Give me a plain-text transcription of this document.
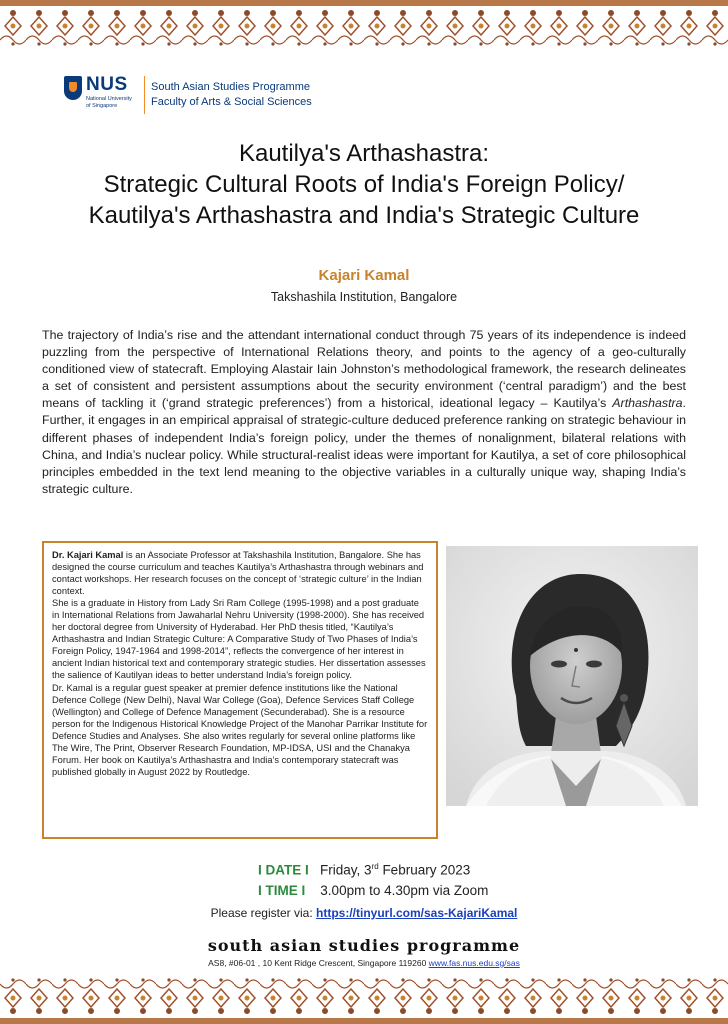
NUS
National University of Singapore
South Asian Studies Programme
Faculty of Arts & Social Sciences
Kautilya's Arthashastra:
Strategic Cultural Roots of India's Foreign Policy/
Kautilya's Arthashastra and India's Strategic Culture
Kajari Kamal
Takshashila Institution, Bangalore
The trajectory of India’s rise and the attendant international conduct through 75 years of its independence is indeed puzzling from the perspective of International Relations theory, and points to the agency of a geo-culturally conditioned view of statecraft. Employing Alastair Iain Johnston’s methodological framework, the research delineates a set of consistent and persistent assumptions about the security environment (‘central paradigm’) and the best means of tackling it (‘grand strategic preferences’) from a historical, ideational legacy – Kautilya’s Arthashastra. Further, it engages in an empirical appraisal of strategic-culture deduced preference ranking on strategic behaviour in different phases of independent India’s foreign policy, under the themes of nonalignment, bilateral relations with China, and India’s nuclear policy. While structural-realist ideas were important for Kautilya, a set of core philosophical principles embedded in the text lend meaning to the objective variables in a culturally unique way, shaping India’s strategic culture.
Dr. Kajari Kamal is an Associate Professor at Takshashila Institution, Bangalore. She has designed the course curriculum and teaches Kautilya’s Arthashastra through webinars and contact workshops. Her research focuses on the concept of ‘strategic culture’ in the Indian context.
She is a graduate in History from Lady Sri Ram College (1995-1998) and a post graduate in International Relations from Jawaharlal Nehru University (1998-2000). She has received her doctoral degree from University of Hyderabad. Her PhD thesis titled, “Kautilya’s Arthashastra and Indian Strategic Culture: A Comparative Study of Two Phases of India’s Foreign Policy, 1947-1964 and 1998-2014”, reflects the convergence of her interest in ancient Indian historical text and contemporary strategic studies. Her dissertation assesses the salience of Kautilyan ideas to better understand India’s foreign policy.
Dr. Kamal is a regular guest speaker at premier defence institutions like the National Defence College (New Delhi), Naval War College (Goa), Defence Services Staff College (Wellington) and College of Defence Management (Secunderabad). She is a resource person for the Indigenous Historical Knowledge Project of the Manohar Parrikar Institute for Defence Studies and Analyses. She also writes regularly for several online platforms like The Wire, The Print, Observer Research Foundation, MP-IDSA, USI and the Chanakya Forum. Her book on Kautilya’s Arthashastra and India’s contemporary statecraft was published globally in August 2022 by Routledge.
I DATE I Friday, 3rd February 2023
I TIME I 3.00pm to 4.30pm via Zoom
Please register via: https://tinyurl.com/sas-KajariKamal
south asian studies programme
AS8, #06-01 , 10 Kent Ridge Crescent, Singapore 119260 www.fas.nus.edu.sg/sas
